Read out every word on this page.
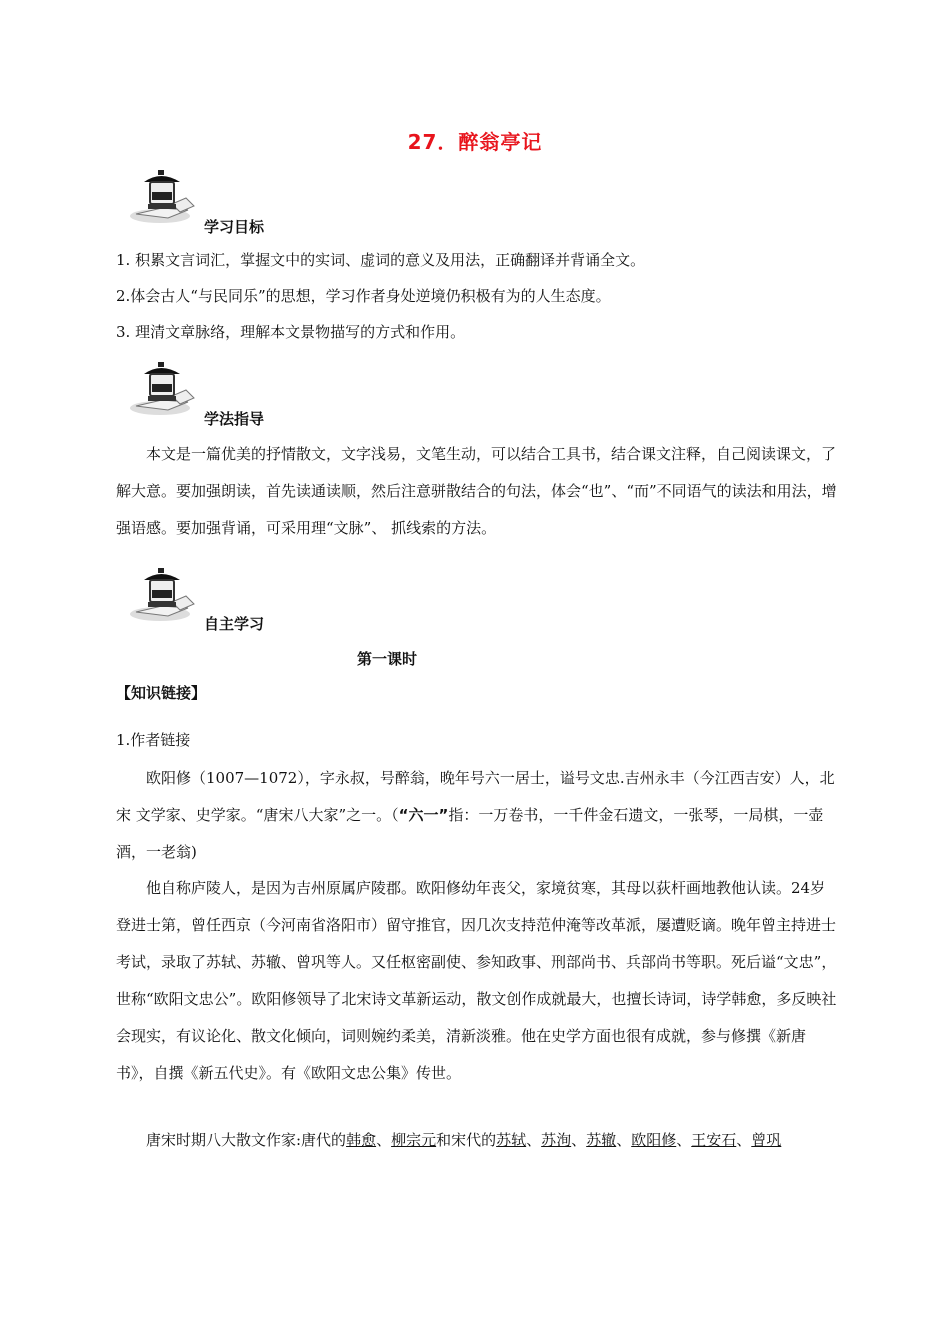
27．醉翁亭记
学习目标
1. 积累文言词汇，掌握文中的实词、虚词的意义及用法，正确翻译并背诵全文。
2.体会古人“与民同乐”的思想，学习作者身处逆境仍积极有为的人生态度。
3. 理清文章脉络，理解本文景物描写的方式和作用。
学法指导

本文是一篇优美的抒情散文，文字浅易，文笔生动，可以结合工具书，结合课文注释，自己阅读课文，了解大意。要加强朗读，首先读通读顺，然后注意骈散结合的句法，体会“也”、“而”不同语气的读法和用法，增强语感。要加强背诵，可采用理“文脉”、 抓线索的方法。

自主学习
第一课时
【知识链接】
1.作者链接

欧阳修（1007—1072），字永叔，号醉翁，晚年号六一居士，谥号文忠.吉州永丰（今江西吉安）人，北宋 文学家、史学家。“唐宋八大家”之一。（“六一”指：一万卷书，一千件金石遗文，一张琴，一局棋，一壶酒，一老翁)

他自称庐陵人，是因为吉州原属庐陵郡。欧阳修幼年丧父，家境贫寒，其母以荻杆画地教他认读。24岁登进士第，曾任西京（今河南省洛阳市）留守推官，因几次支持范仲淹等改革派，屡遭贬谪。晚年曾主持进士考试，录取了苏轼、苏辙、曾巩等人。又任枢密副使、参知政事、刑部尚书、兵部尚书等职。死后谥“文忠”，世称“欧阳文忠公”。欧阳修领导了北宋诗文革新运动，散文创作成就最大，也擅长诗词，诗学韩愈，多反映社会现实，有议论化、散文化倾向，词则婉约柔美，清新淡雅。他在史学方面也很有成就，参与修撰《新唐书》，自撰《新五代史》。有《欧阳文忠公集》传世。

唐宋时期八大散文作家:唐代的韩愈、柳宗元和宋代的苏轼、苏洵、苏辙、欧阳修、王安石、曾巩
